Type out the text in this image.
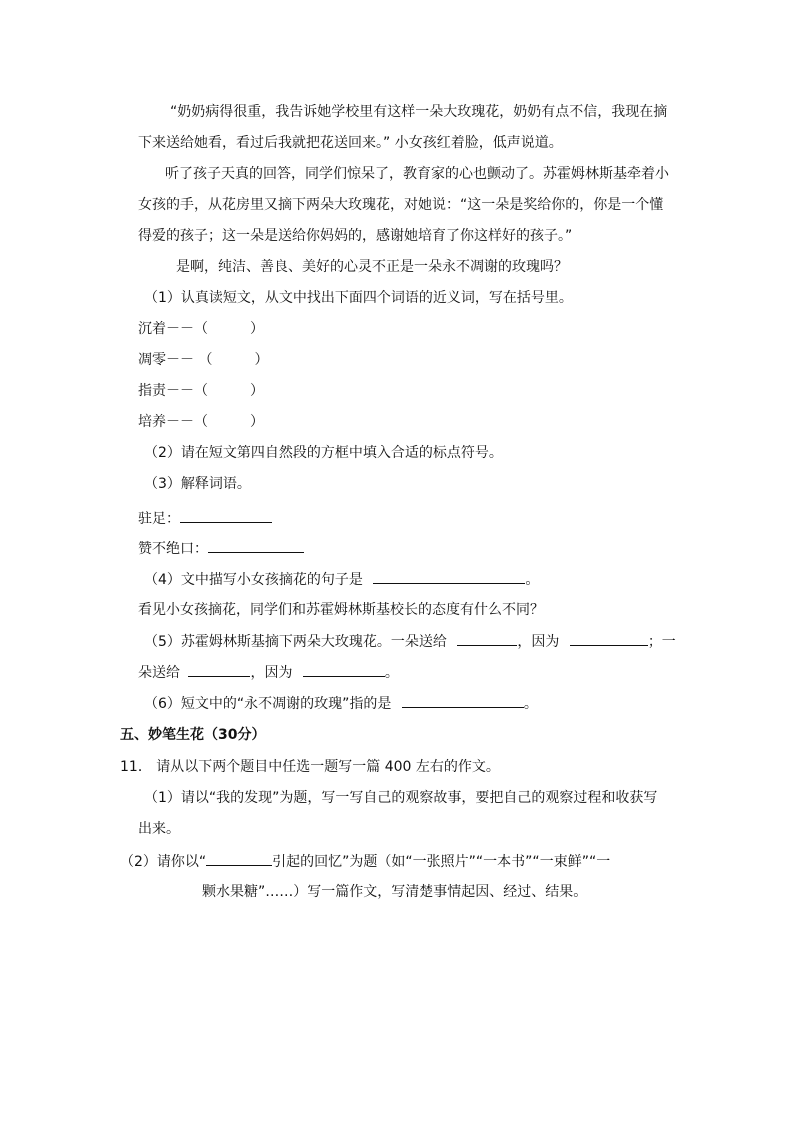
“奶奶病得很重，我告诉她学校里有这样一朵大玫瑰花，奶奶有点不信，我现在摘
下来送给她看，看过后我就把花送回来。” 小女孩红着脸，低声说道。
听了孩子天真的回答，同学们惊呆了，教育家的心也颤动了。苏霍姆林斯基牵着小
女孩的手，从花房里又摘下两朵大玫瑰花，对她说：“这一朵是奖给你的，你是一个懂
得爱的孩子；这一朵是送给你妈妈的，感谢她培育了你这样好的孩子。”
是啊，纯洁、善良、美好的心灵不正是一朵永不凋谢的玫瑰吗？
（1）认真读短文，从文中找出下面四个词语的近义词，写在括号里。
沉着－－（　　　）
凋零－－ （　　　）
指责－－（　　　）
培养－－（　　　）
（2）请在短文第四自然段的方框中填入合适的标点符号。
（3）解释词语。
驻足：
赞不绝口：
（4）文中描写小女孩摘花的句子是	。
看见小女孩摘花，同学们和苏霍姆林斯基校长的态度有什么不同？
（5）苏霍姆林斯基摘下两朵大玫瑰花。一朵送给	，因为	；一
朵送给	，因为	。
（6）短文中的“永不凋谢的玫瑰”指的是	。
五、妙笔生花（30分）
11． 请从以下两个题目中任选一题写一篇 400 左右的作文。
（1）请以“我的发现”为题，写一写自己的观察故事，要把自己的观察过程和收获写
出来。
（2）请你以“	引起的回忆”为题（如“一张照片”“一本书”“一束鲜”“一
颗水果糖”……）写一篇作文，写清楚事情起因、经过、结果。
